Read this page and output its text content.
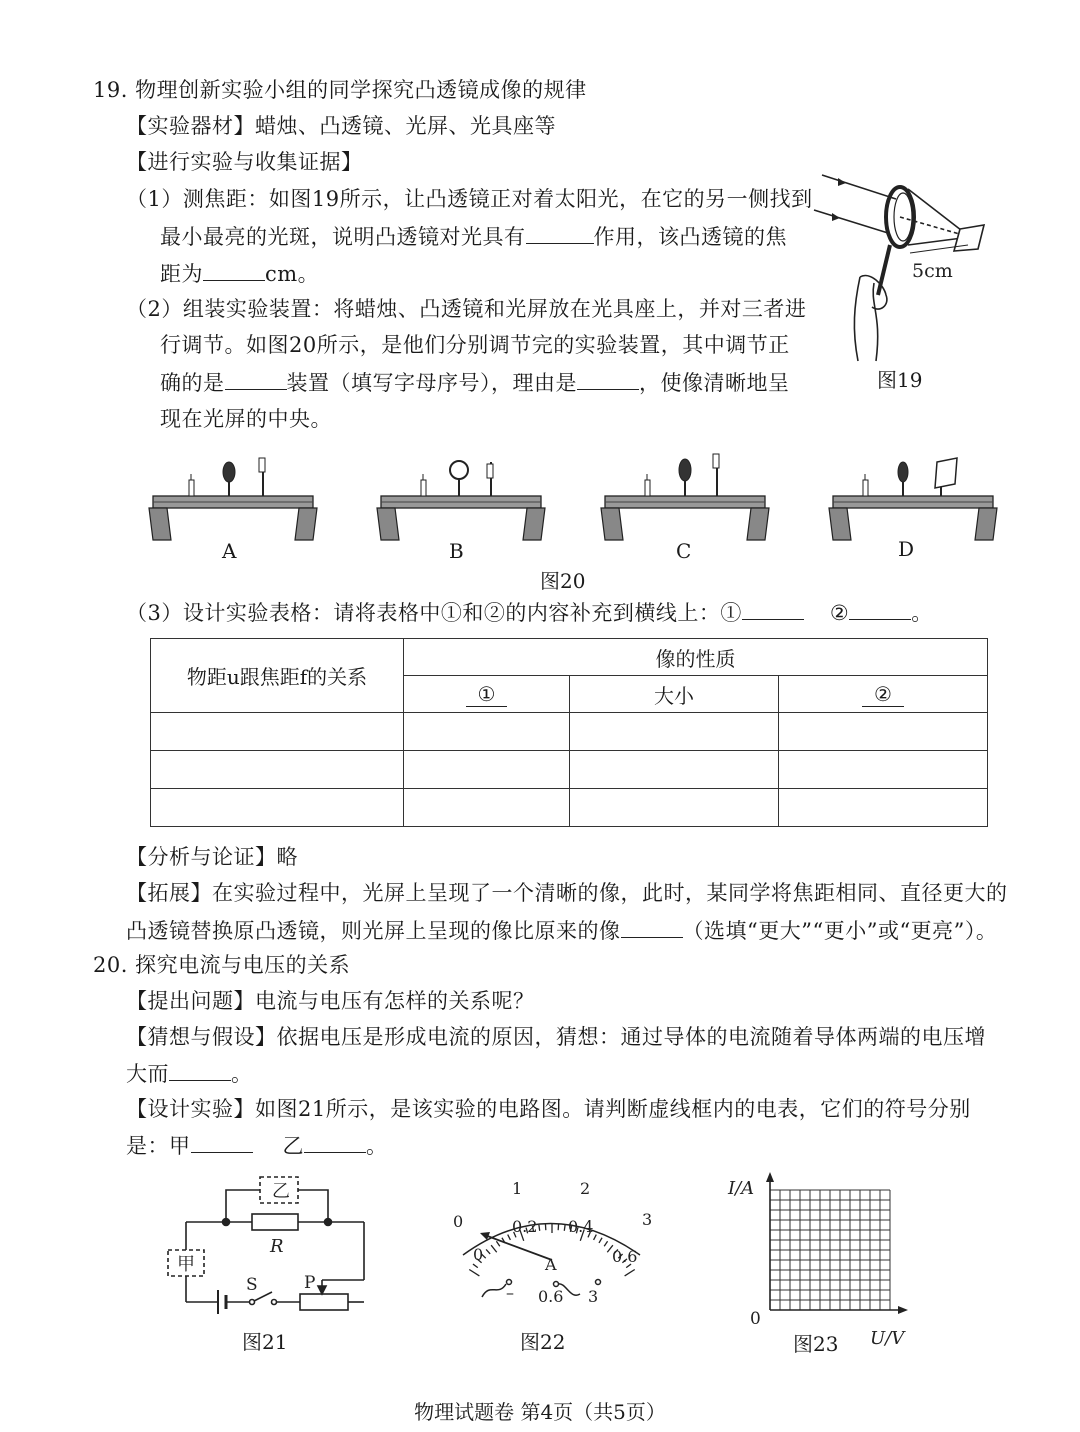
19. 物理创新实验小组的同学探究凸透镜成像的规律
【实验器材】蜡烛、凸透镜、光屏、光具座等
【进行实验与收集证据】
（1）测焦距：如图19所示，让凸透镜正对着太阳光，在它的另一侧找到
最小最亮的光斑，说明凸透镜对光具有	作用，该凸透镜的焦
距为	cm。
（2）组装实验装置：将蜡烛、凸透镜和光屏放在光具座上，并对三者进
行调节。如图20所示，是他们分别调节完的实验装置，其中调节正
确的是	装置（填写字母序号），理由是	，使像清晰地呈
现在光屏的中央。
5cm
图19
A	B	C	D
图20
（3）设计实验表格：请将表格中①和②的内容补充到横线上：①	②	。
物距u跟焦距f的关系	像的性质		
	①	大小	②

【分析与论证】略
【拓展】在实验过程中，光屏上呈现了一个清晰的像，此时，某同学将焦距相同、直径更大的
凸透镜替换原凸透镜，则光屏上呈现的像比原来的像	（选填“更大”“更小”或“更亮”）。
20. 探究电流与电压的关系
【提出问题】电流与电压有怎样的关系呢？
【猜想与假设】依据电压是形成电流的原因，猜想：通过导体的电流随着导体两端的电压增
大而	。
【设计实验】如图21所示，是该实验的电路图。请判断虚线框内的电表，它们的符号分别
是：甲	乙	。
乙
甲
R
S	P
图21
0
1	2
3
0
0.2 0.4
0.6
A
– 0.6 3
图22
I/A
0
U/V
图23
物理试题卷 第4页（共5页）
